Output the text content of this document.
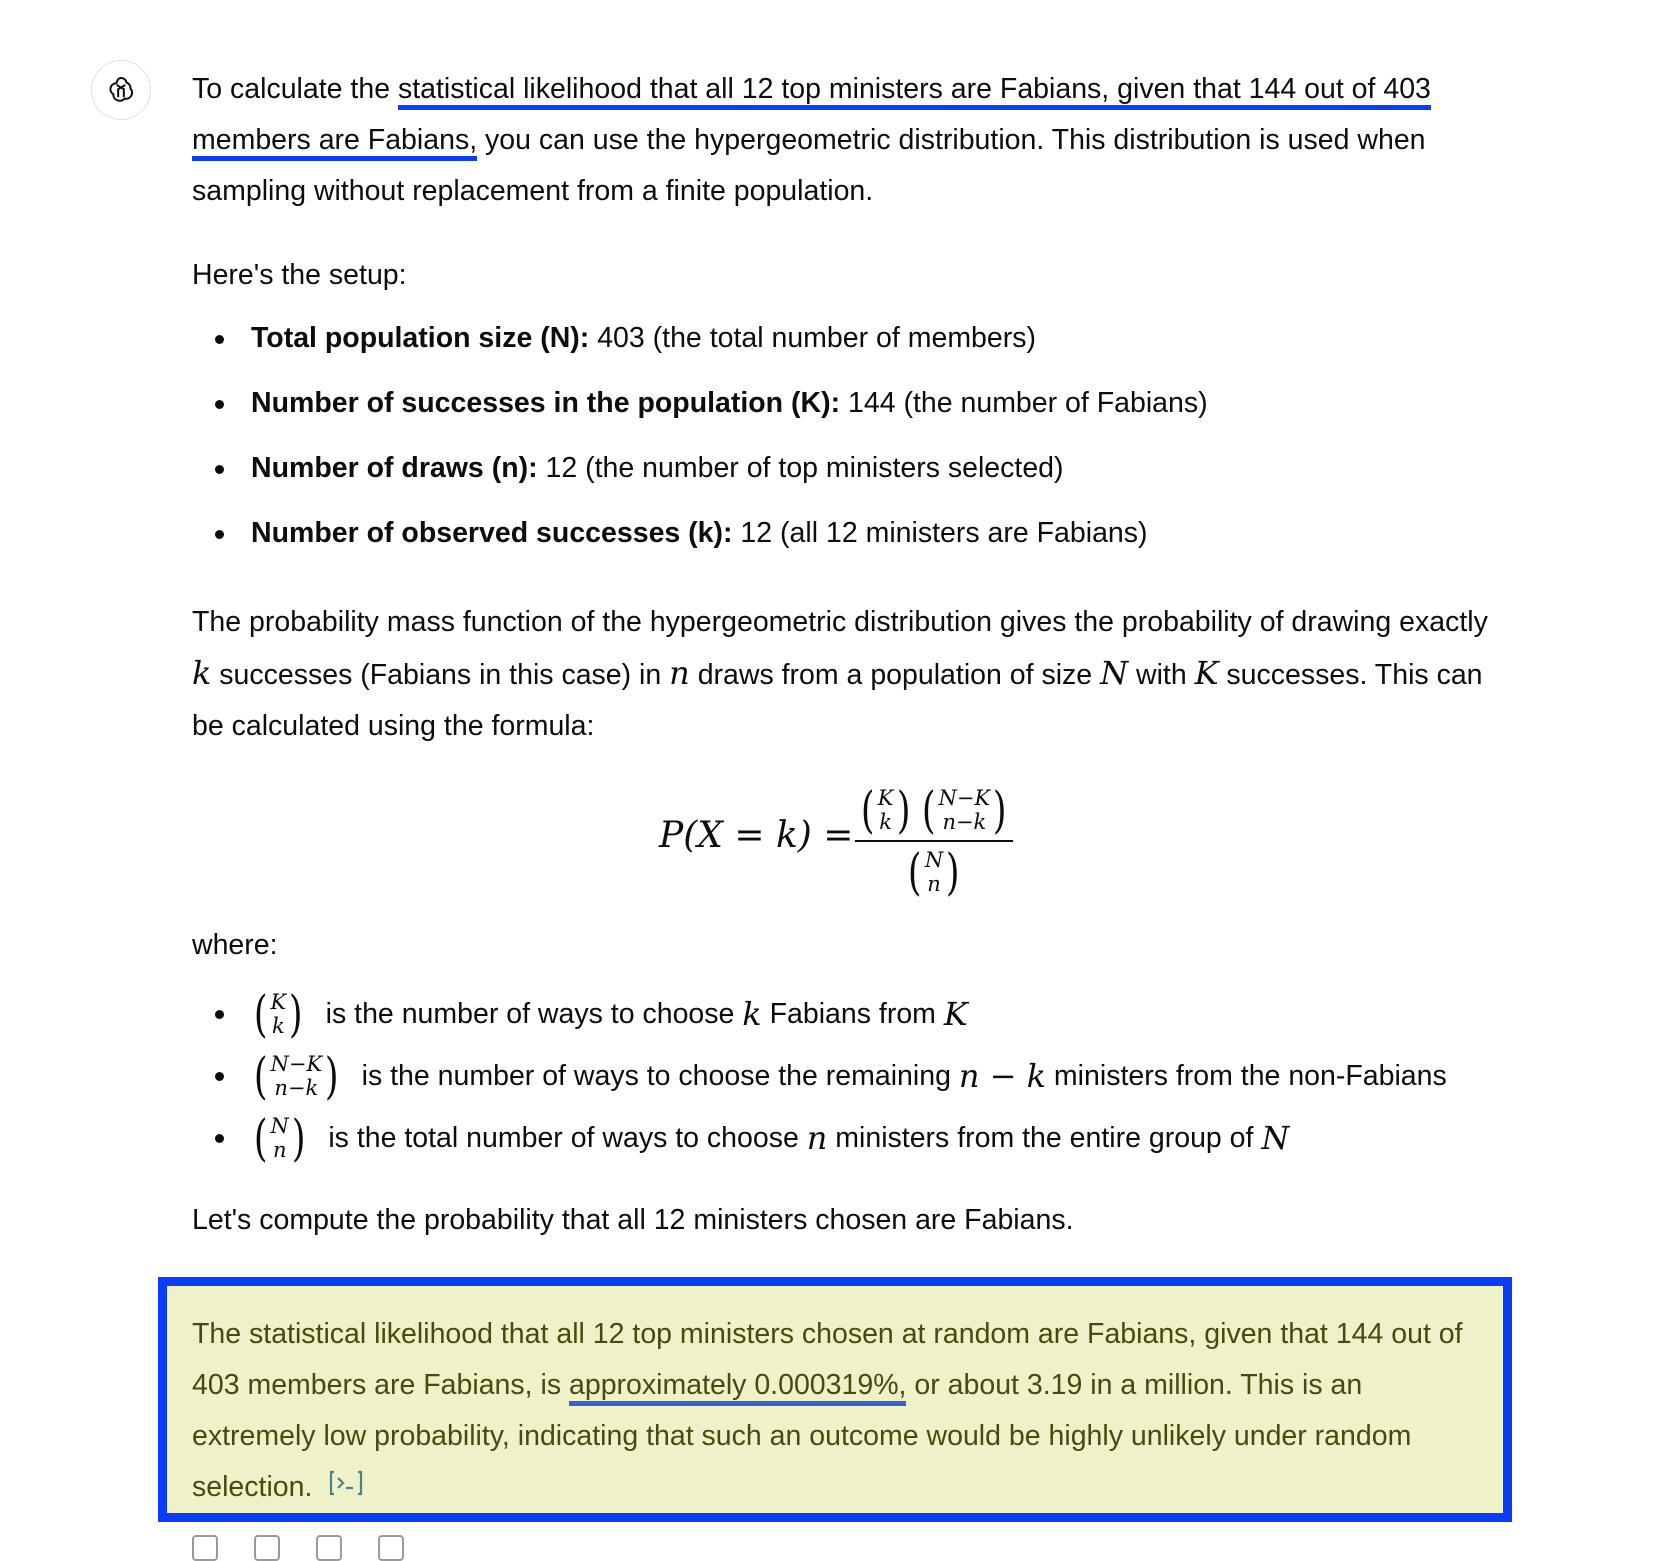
To calculate the statistical likelihood that all 12 top ministers are Fabians, given that 144 out of 403 members are Fabians, you can use the hypergeometric distribution. This distribution is used when sampling without replacement from a finite population.

Here's the setup:

Total population size (N): 403 (the total number of members)
Number of successes in the population (K): 144 (the number of Fabians)
Number of draws (n): 12 (the number of top ministers selected)
Number of observed successes (k): 12 (all 12 ministers are Fabians)

The probability mass function of the hypergeometric distribution gives the probability of drawing exactly k successes (Fabians in this case) in n draws from a population of size N with K successes. This can be calculated using the formula:

P(X = k) = ( K
k ) ( N−K
n−k )
( N
n )

where:

( K
k ) is the number of ways to choose k Fabians from K
( N−K
n−k ) is the number of ways to choose the remaining n − k ministers from the non-Fabians
( N
n ) is the total number of ways to choose n ministers from the entire group of N

Let's compute the probability that all 12 ministers chosen are Fabians.

The statistical likelihood that all 12 top ministers chosen at random are Fabians, given that 144 out of 403 members are Fabians, is approximately 0.000319%, or about 3.19 in a million. This is an extremely low probability, indicating that such an outcome would be highly unlikely under random selection.
